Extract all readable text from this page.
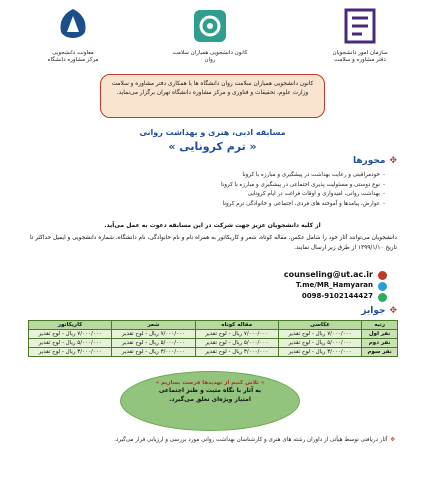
معاونت دانشجویی
مرکز مشاوره دانشگاه
کانون دانشجویی همیاران سلامت روان
سازمان امور دانشجویان
دفتر مشاوره و سلامت
کانون دانشجویی همیاران سلامت روان دانشگاه ها با همکاری دفتر مشاوره و سلامت وزارت علوم، تحقیقات و فناوری و مرکز مشاوره دانشگاه تهران برگزار می‌نماید.
مسابقه ادبی، هنری و بهداشت روانی
« ترم کرونایی »
✥محورها
- خودمراقبتی و رعایت بهداشت در پیشگیری و مبارزه با کرونا
- نوع دوستی و مسئولیت پذیری اجتماعی در پیشگیری و مبارزه با کرونا
- بهداشت روانی، امیدواری و اوقات فراغت در ایام کرونایی
- عوارض، پیامدها و آموخته های فردی، اجتماعی و خانوادگی ترم کرونا
از کلیه دانشجویان عزیز جهت شرکت در این مسابقه دعوت به عمل می‌آید.
دانشجویان می‌توانند آثار خود را شامل عکس، مقاله کوتاه، شعر و کاریکاتور به همراه نام و نام خانوادگی، نام دانشگاه، شماره دانشجویی و ایمیل حداکثر تا تاریخ ۱۳۹۹/۱/۱۰ از طرق زیر ارسال نمایند.
counseling@ut.ac.ir
T.me/MR_Hamyaran
0098-9102144427
✥جوایز
رتبه	عکاسی	مقاله کوتاه	شعر	کاریکاتور
نفر اول	۷/۰۰۰/۰۰۰ ریال - لوح تقدیر	۷/۰۰۰/۰۰۰ ریال - لوح تقدیر	۷/۰۰۰/۰۰۰ ریال - لوح تقدیر	۷/۰۰۰/۰۰۰ ریال - لوح تقدیر
نفر دوم	۵/۰۰۰/۰۰۰ ریال - لوح تقدیر	۵/۰۰۰/۰۰۰ ریال - لوح تقدیر	۵/۰۰۰/۰۰۰ ریال - لوح تقدیر	۵/۰۰۰/۰۰۰ ریال - لوح تقدیر
نفر سوم	۳/۰۰۰/۰۰۰ ریال - لوح تقدیر	۳/۰۰۰/۰۰۰ ریال - لوح تقدیر	۳/۰۰۰/۰۰۰ ریال - لوح تقدیر	۳/۰۰۰/۰۰۰ ریال - لوح تقدیر
« تلاش کنیم از تهدیدها فرصت بسازیم »
به آثار با نگاه مثبت و طنز اجتماعی
امتیاز ویژه‌ای تعلق می‌گیرد.
✥آثار دریافتی توسط هیأتی از داوران رشته های هنری و کارشناسان بهداشت روانی مورد بررسی و ارزیابی قرار می‌گیرد.
